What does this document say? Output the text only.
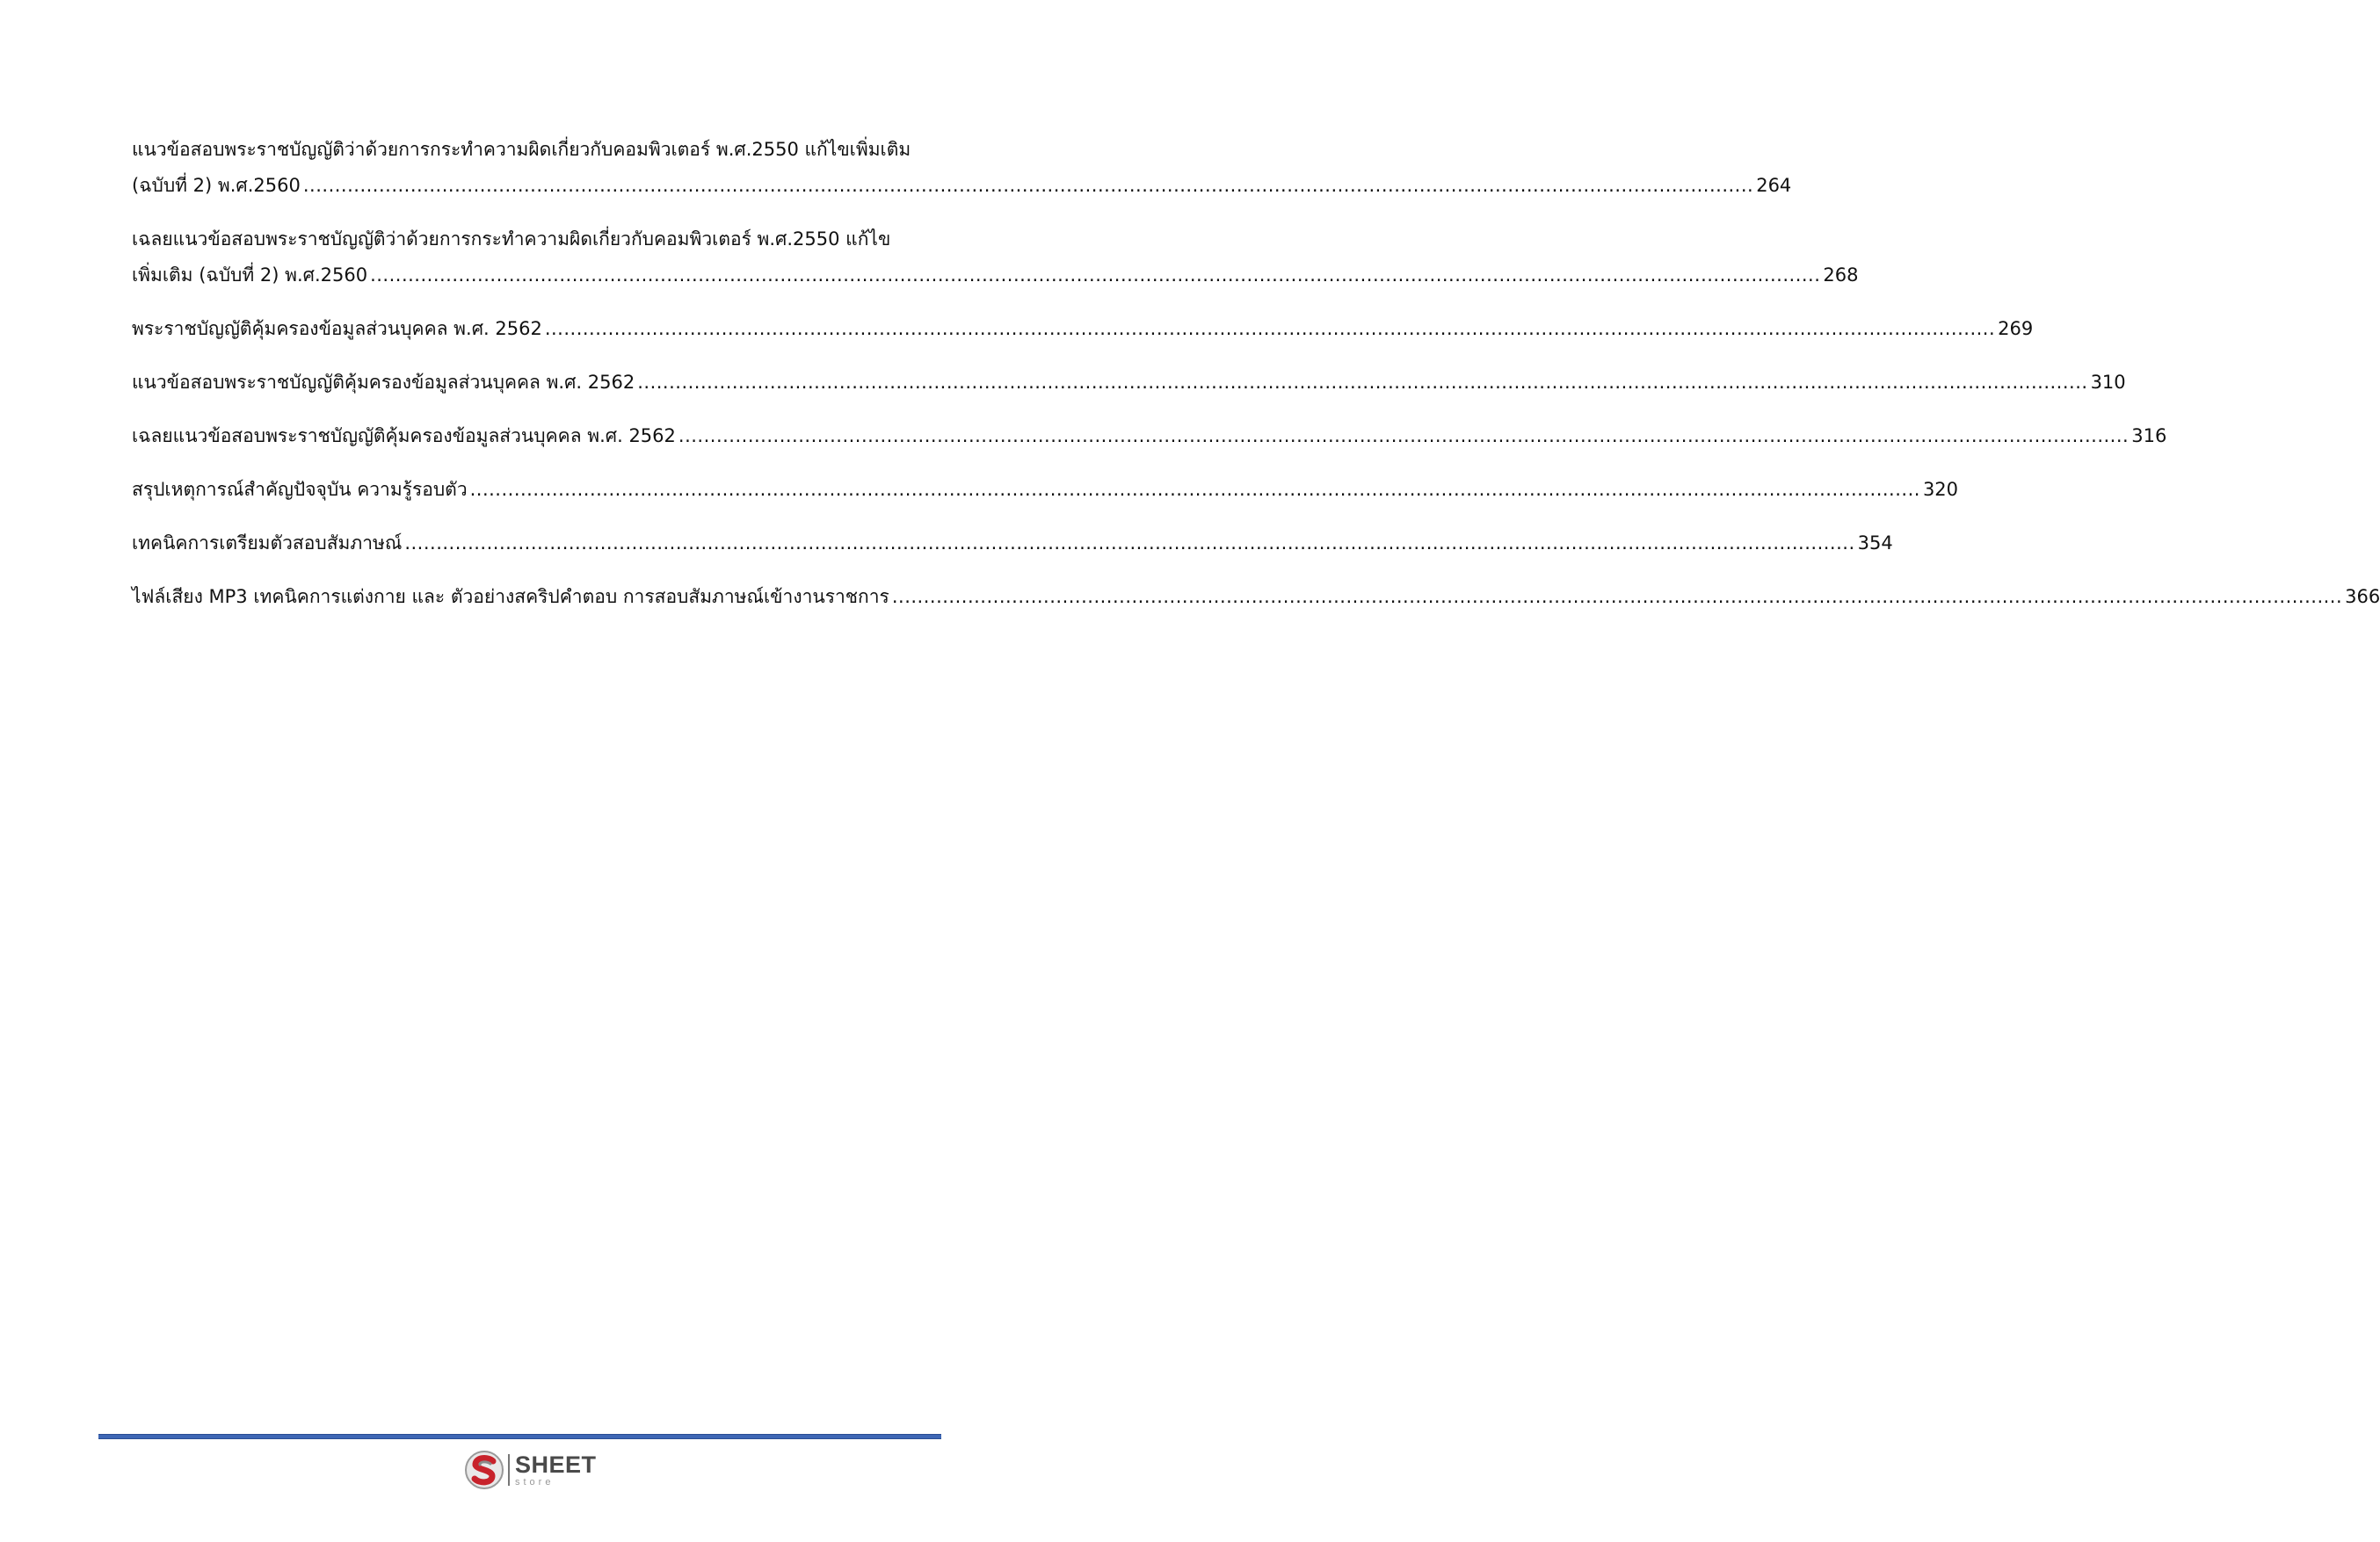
แนวข้อสอบพระราชบัญญัติว่าด้วยการกระทำความผิดเกี่ยวกับคอมพิวเตอร์ พ.ศ.2550 แก้ไขเพิ่มเติม
(ฉบับที่ 2) พ.ศ.2560 .....	264
เฉลยแนวข้อสอบพระราชบัญญัติว่าด้วยการกระทำความผิดเกี่ยวกับคอมพิวเตอร์ พ.ศ.2550 แก้ไข
เพิ่มเติม (ฉบับที่ 2) พ.ศ.2560 .....	268
พระราชบัญญัติคุ้มครองข้อมูลส่วนบุคคล พ.ศ. 2562 .....	269
แนวข้อสอบพระราชบัญญัติคุ้มครองข้อมูลส่วนบุคคล พ.ศ. 2562 .....	310
เฉลยแนวข้อสอบพระราชบัญญัติคุ้มครองข้อมูลส่วนบุคคล พ.ศ. 2562 .....	316
สรุปเหตุการณ์สำคัญปัจจุบัน ความรู้รอบตัว .....	320
เทคนิคการเตรียมตัวสอบสัมภาษณ์ .....	354
ไฟล์เสียง MP3 เทคนิคการแต่งกาย และ ตัวอย่างสคริปคำตอบ การสอบสัมภาษณ์เข้างานราชการ .....	366
SHEET
store
